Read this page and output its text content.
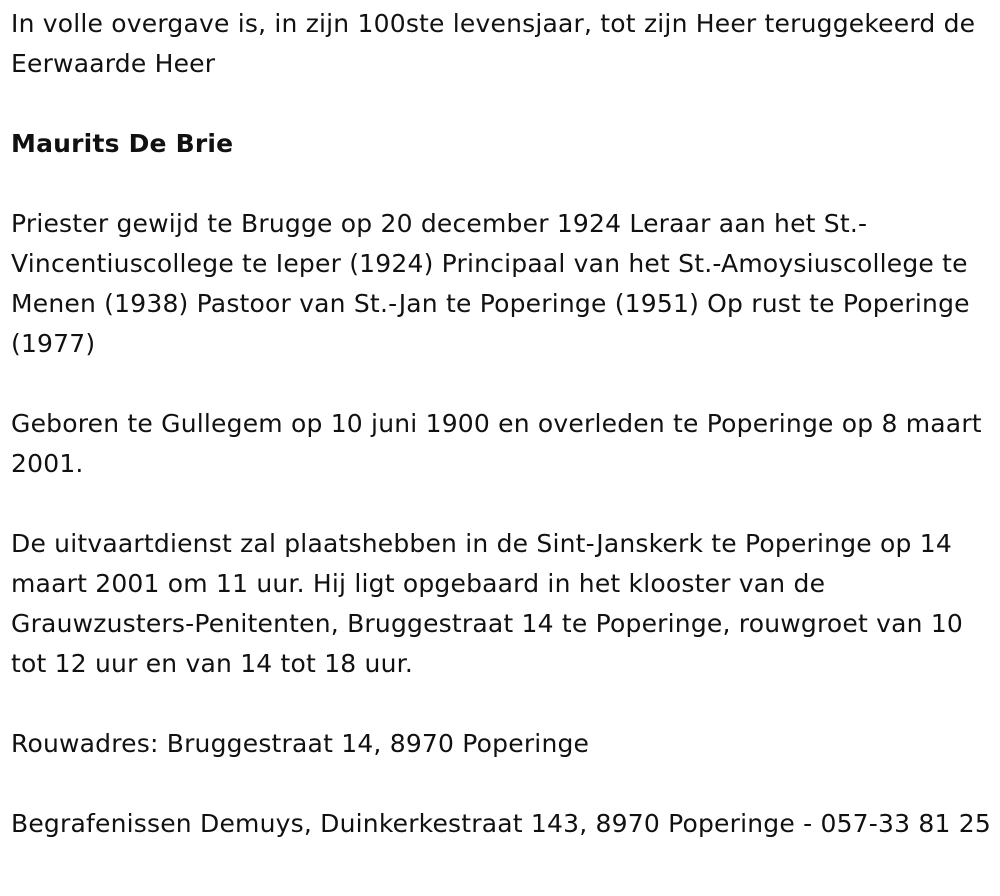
In volle overgave is, in zijn 100ste levensjaar, tot zijn Heer teruggekeerd de Eerwaarde Heer

Maurits De Brie

Priester gewijd te Brugge op 20 december 1924 Leraar aan het St.-Vincentiuscollege te Ieper (1924) Principaal van het St.-Amoysiuscollege te Menen (1938) Pastoor van St.-Jan te Poperinge (1951) Op rust te Poperinge (1977)

Geboren te Gullegem op 10 juni 1900 en overleden te Poperinge op 8 maart 2001.

De uitvaartdienst zal plaatshebben in de Sint-Janskerk te Poperinge op 14 maart 2001 om 11 uur. Hij ligt opgebaard in het klooster van de Grauwzusters-Penitenten, Bruggestraat 14 te Poperinge, rouwgroet van 10 tot 12 uur en van 14 tot 18 uur.

Rouwadres: Bruggestraat 14, 8970 Poperinge

Begrafenissen Demuys, Duinkerkestraat 143, 8970 Poperinge - 057-33 81 25
